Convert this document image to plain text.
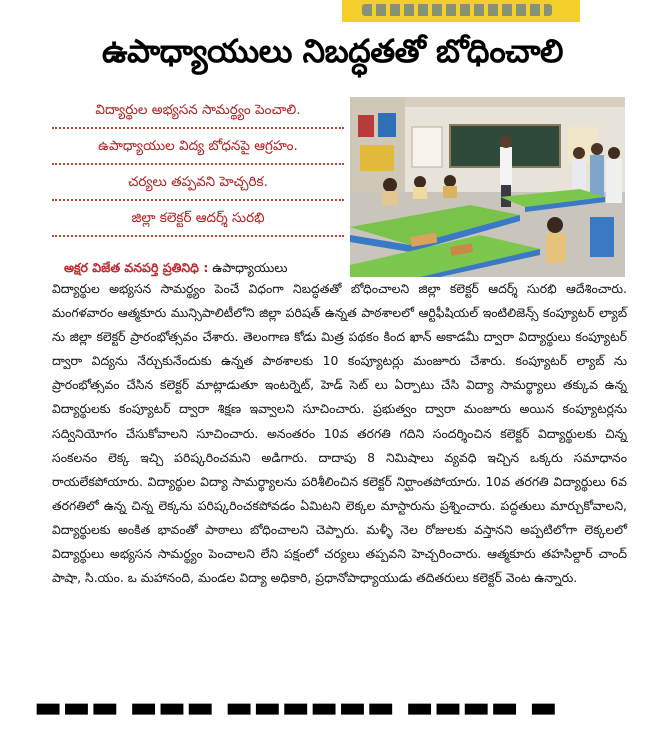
ఉపాధ్యాయులు నిబద్ధతతో బోధించాలి
విద్యార్థుల అభ్యసన సామర్థ్యం పెంచాలి.
ఉపాధ్యాయుల విద్య బోధనపై ఆగ్రహం.
చర్యలు తప్పవని హెచ్చరిక.
జిల్లా కలెక్టర్ ఆదర్శ్ సురభి
అక్షర విజేత వనపర్తి ప్రతినిధి : ఉపాధ్యాయులు
విద్యార్థుల అభ్యసన సామర్థ్యం పెంచే విధంగా నిబద్ధతతో బోధించాలని జిల్లా కలెక్టర్ ఆదర్శ్ సురభి ఆదేశించారు. మంగళవారం ఆత్మకూరు మున్సిపాలిటీలోని జిల్లా పరిషత్ ఉన్నత పాఠశాలలో ఆర్టిఫీషియల్ ఇంటిలిజెన్స్ కంప్యూటర్ ల్యాబ్ ను జిల్లా కలెక్టర్ ప్రారంభోత్సవం చేశారు. తెలంగాణ కోడు మిత్ర పథకం కింద ఖాన్ అకాడమీ ద్వారా విద్యార్థులు కంప్యూటర్ ద్వారా విద్యను నేర్చుకునేందుకు ఉన్నత పాఠశాలకు 10 కంప్యూటర్లు మంజూరు చేశారు. కంప్యూటర్ ల్యాబ్ ను ప్రారంభోత్సవం చేసిన కలెక్టర్ మాట్లాడుతూ ఇంటర్నెట్, హెడ్ సెట్ లు ఏర్పాటు చేసి విద్యా సామర్థ్యాలు తక్కువ ఉన్న విద్యార్థులకు కంప్యూటర్ ద్వారా శిక్షణ ఇవ్వాలని సూచించారు. ప్రభుత్వం ద్వారా మంజూరు అయిన కంప్యూటర్లను సద్వినియోగం చేసుకోవాలని సూచించారు. అనంతరం 10వ తరగతి గదిని సందర్శించిన కలెక్టర్ విద్యార్థులకు చిన్న సంకలనం లెక్క ఇచ్చి పరిష్కరించమని అడిగారు. దాదాపు 8 నిమిషాలు వ్యవధి ఇచ్చిన ఒక్కరు సమాధానం రాయలేకపోయారు. విద్యార్థుల విద్యా సామర్థ్యాలను పరిశీలించిన కలెక్టర్ నిర్ఘాంతపోయారు. 10వ తరగతి విద్యార్థులు 6వ తరగతిలో ఉన్న చిన్న లెక్కను పరిష్కరించకపోవడం ఏమిటని లెక్కల మాస్టారును ప్రశ్నించారు. పద్ధతులు మార్చుకోవాలని, విద్యార్థులకు అంకిత భావంతో పాఠాలు బోధించాలని చెప్పారు. మళ్ళీ నెల రోజులకు వస్తానని అప్పటిలోగా లెక్కలలో విద్యార్థులు అభ్యసన సామర్థ్యం పెంచాలని లేని పక్షంలో చర్యలు తప్పవని హెచ్చరించారు. ఆత్మకూరు తహసిల్దార్ చాంద్ పాషా, సి.యం. ఒ మహానంది, మండల విద్యా అధికారి, ప్రధానోపాధ్యాయుడు తదితరులు కలెక్టర్ వెంట ఉన్నారు.
▬▬▬ ▬▬▬ ▬▬▬▬▬▬ ▬▬▬▬ ▬
